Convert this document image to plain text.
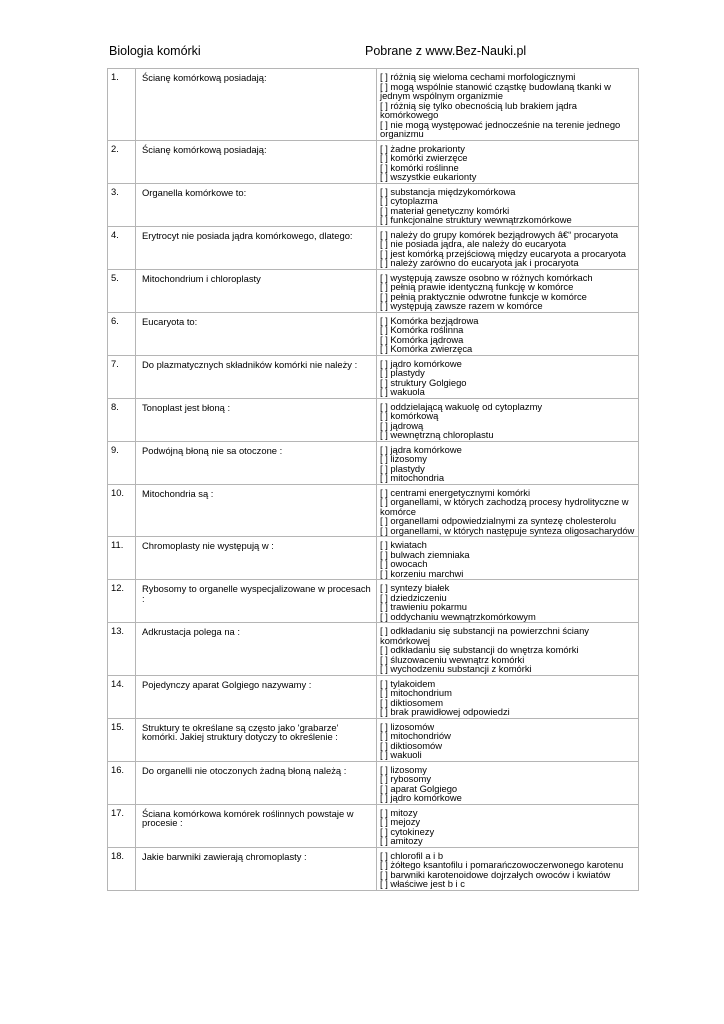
Biologia komórki	Pobrane z www.Bez-Nauki.pl
1.	Ścianę komórkową posiadają:	[ ] różnią się wieloma cechami morfologicznymi
[ ] mogą wspólnie stanowić cząstkę budowlaną tkanki w jednym wspólnym organizmie
[ ] różnią się tylko obecnością lub brakiem jądra komórkowego
[ ] nie mogą występować jednocześnie na terenie jednego organizmu

2.	Ścianę komórkową posiadają:	[ ] żadne prokarionty
[ ] komórki zwierzęce
[ ] komórki roślinne
[ ] wszystkie eukarionty

3.	Organella komórkowe to:	[ ] substancja międzykomórkowa
[ ] cytoplazma
[ ] materiał genetyczny komórki
[ ] funkcjonalne struktury wewnątrzkomórkowe

4.	Erytrocyt nie posiada jądra komórkowego, dlatego:	[ ] należy do grupy komórek bezjądrowych â€“ procaryota
[ ] nie posiada jądra, ale należy do eucaryota
[ ] jest komórką przejściową między eucaryota a procaryota
[ ] należy zarówno do eucaryota jak i procaryota

5.	Mitochondrium i chloroplasty	[ ] występują zawsze osobno w różnych komórkach
[ ] pełnią prawie identyczną funkcję w komórce
[ ] pełnią praktycznie odwrotne funkcje w komórce
[ ] występują zawsze razem w komórce

6.	Eucaryota to:	[ ] Komórka bezjądrowa
[ ] Komórka roślinna
[ ] Komórka jądrowa
[ ] Komórka zwierzęca

7.	Do plazmatycznych składników komórki nie należy :	[ ] jądro komórkowe
[ ] plastydy
[ ] struktury Golgiego
[ ] wakuola

8.	Tonoplast jest błoną :	[ ] oddzielającą wakuolę od cytoplazmy
[ ] komórkową
[ ] jądrową
[ ] wewnętrzną chloroplastu

9.	Podwójną błoną nie sa otoczone :	[ ] jądra komórkowe
[ ] lizosomy
[ ] plastydy
[ ] mitochondria

10.	Mitochondria są :	[ ] centrami energetycznymi komórki
[ ] organellami, w których zachodzą procesy hydrolityczne w komórce
[ ] organellami odpowiedzialnymi za syntezę cholesterolu
[ ] organellami, w których następuje synteza oligosacharydów

11.	Chromoplasty nie występują w :	[ ] kwiatach
[ ] bulwach ziemniaka
[ ] owocach
[ ] korzeniu marchwi

12.	Rybosomy to organelle wyspecjalizowane w procesach :	[ ] syntezy białek
[ ] dziedziczeniu
[ ] trawieniu pokarmu
[ ] oddychaniu wewnątrzkomórkowym

13.	Adkrustacja polega na :	[ ] odkładaniu się substancji na powierzchni ściany komórkowej
[ ] odkładaniu się substancji do wnętrza komórki
[ ] śluzowaceniu wewnątrz komórki
[ ] wychodzeniu substancji z komórki

14.	Pojedynczy aparat Golgiego nazywamy :	[ ] tylakoidem
[ ] mitochondrium
[ ] diktiosomem
[ ] brak prawidłowej odpowiedzi

15.	Struktury te określane są często jako 'grabarze' komórki. Jakiej struktury dotyczy to określenie :	[ ] lizosomów
[ ] mitochondriów
[ ] diktiosomów
[ ] wakuoli

16.	Do organelli nie otoczonych żadną błoną należą :	[ ] lizosomy
[ ] rybosomy
[ ] aparat Golgiego
[ ] jądro komórkowe

17.	Ściana komórkowa komórek roślinnych powstaje w procesie :	[ ] mitozy
[ ] mejozy
[ ] cytokinezy
[ ] amitozy

18.	Jakie barwniki zawierają chromoplasty :	[ ] chlorofil a i b
[ ] żółtego ksantofilu i pomarańczowoczerwonego karotenu
[ ] barwniki karotenoidowe dojrzałych owoców i kwiatów
[ ] właściwe jest b i c
